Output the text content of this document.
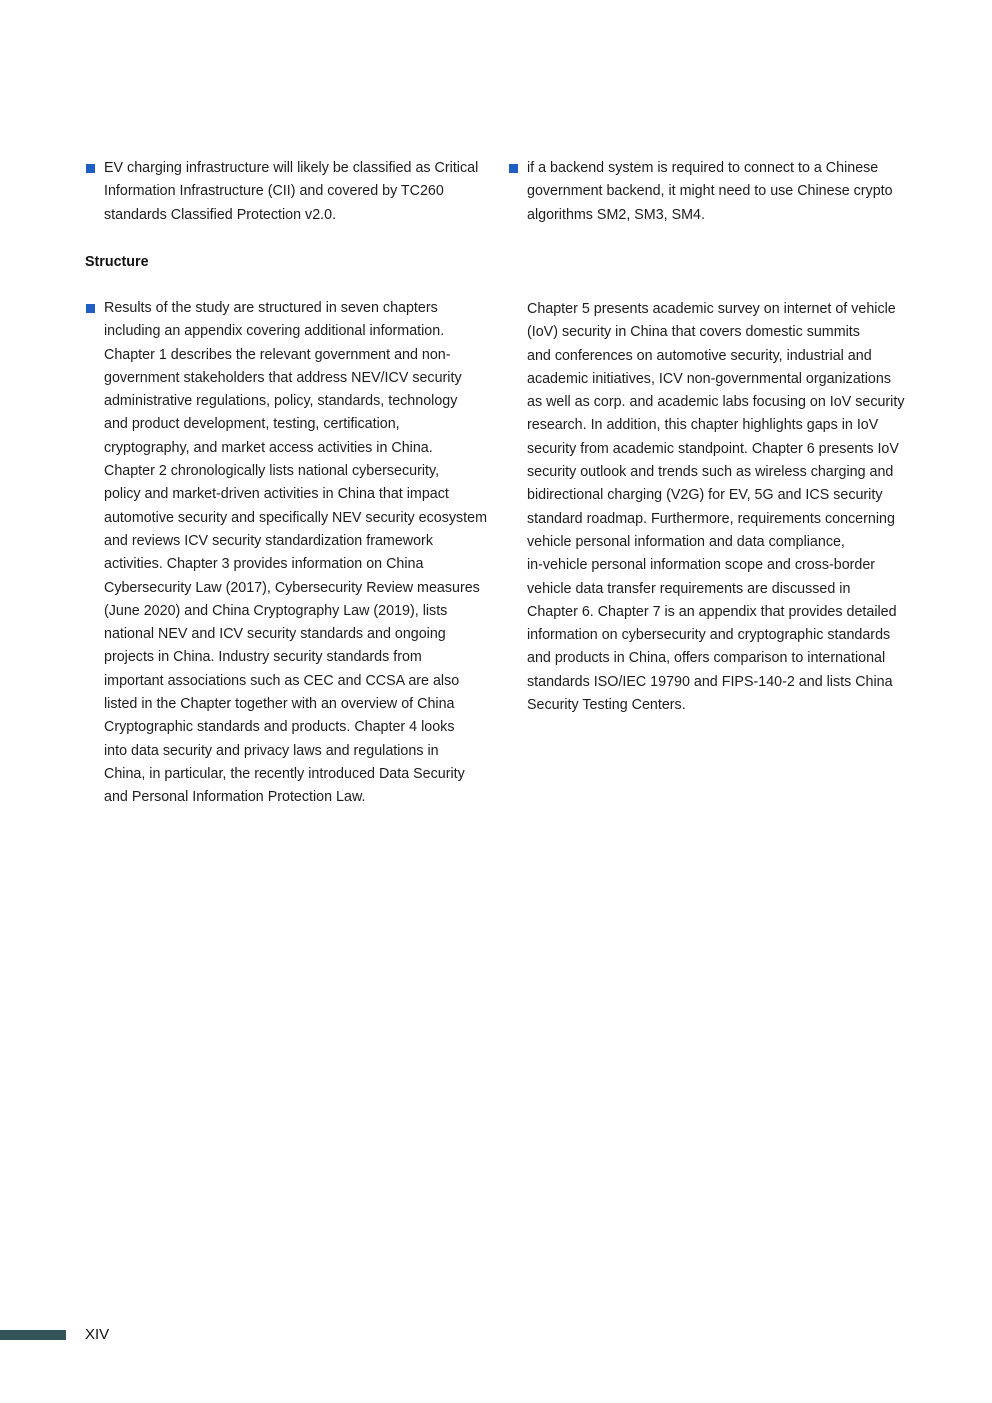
EV charging infrastructure will likely be classified as Critical
Information Infrastructure (CII) and covered by TC260
standards Classified Protection v2.0.
if a backend system is required to connect to a Chinese
government backend, it might need to use Chinese crypto
algorithms SM2, SM3, SM4.
Structure
Results of the study are structured in seven chapters
including an appendix covering additional information.
Chapter 1 describes the relevant government and non-
government stakeholders that address NEV/ICV security
administrative regulations, policy, standards, technology
and product development, testing, certification,
cryptography, and market access activities in China.
Chapter 2 chronologically lists national cybersecurity,
policy and market-driven activities in China that impact
automotive security and specifically NEV security ecosystem
and reviews ICV security standardization framework
activities. Chapter 3 provides information on China
Cybersecurity Law (2017), Cybersecurity Review measures
(June 2020) and China Cryptography Law (2019), lists
national NEV and ICV security standards and ongoing
projects in China. Industry security standards from
important associations such as CEC and CCSA are also
listed in the Chapter together with an overview of China
Cryptographic standards and products. Chapter 4 looks
into data security and privacy laws and regulations in
China, in particular, the recently introduced Data Security
and Personal Information Protection Law.
Chapter 5 presents academic survey on internet of vehicle
(IoV) security in China that covers domestic summits
and conferences on automotive security, industrial and
academic initiatives, ICV non-governmental organizations
as well as corp. and academic labs focusing on IoV security
research. In addition, this chapter highlights gaps in IoV
security from academic standpoint. Chapter 6 presents IoV
security outlook and trends such as wireless charging and
bidirectional charging (V2G) for EV, 5G and ICS security
standard roadmap. Furthermore, requirements concerning
vehicle personal information and data compliance,
in-vehicle personal information scope and cross-border
vehicle data transfer requirements are discussed in
Chapter 6. Chapter 7 is an appendix that provides detailed
information on cybersecurity and cryptographic standards
and products in China, offers comparison to international
standards ISO/IEC 19790 and FIPS-140-2 and lists China
Security Testing Centers.
XIV
